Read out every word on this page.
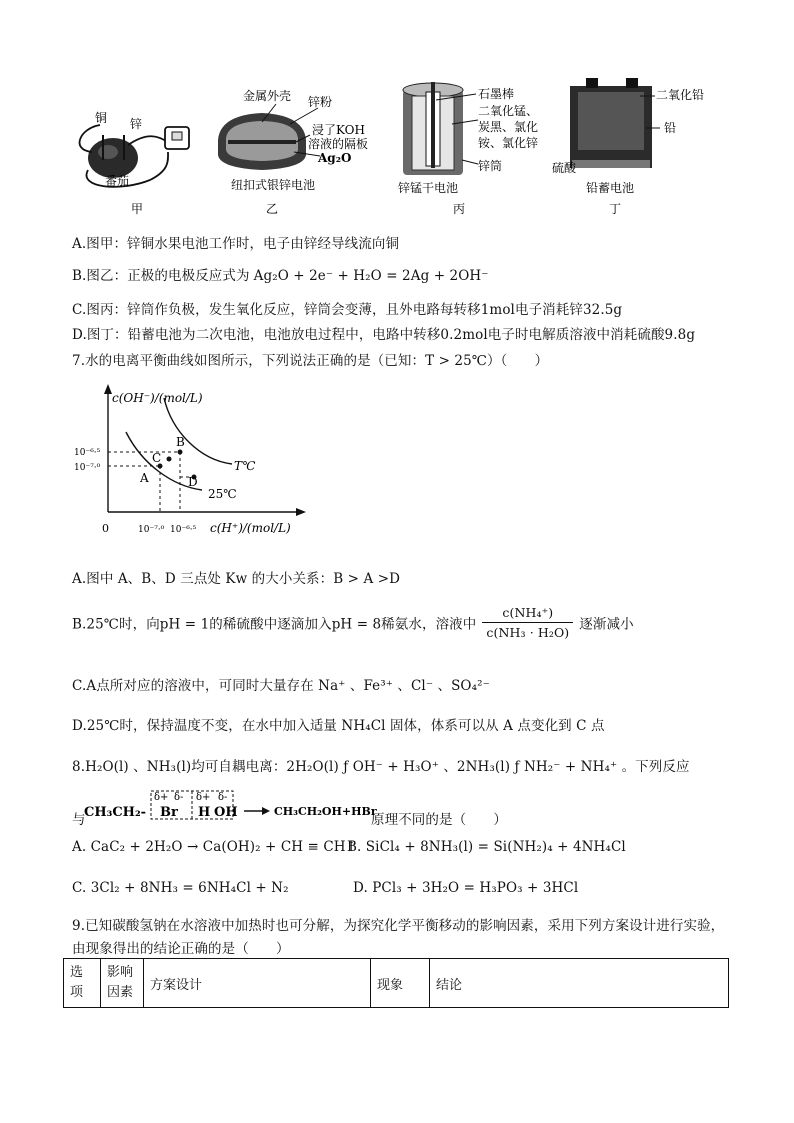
铜 锌
番茄
甲
金属外壳 锌粉
浸了KOH
溶液的隔板
Ag₂O
纽扣式银锌电池
乙
石墨棒
二氧化锰、
炭黑、氯化
铵、氯化锌
锌筒
锌锰干电池
丙
二氧化铅
铅
硫酸
铅蓄电池
丁
A.图甲：锌铜水果电池工作时，电子由锌经导线流向铜
B.图乙：正极的电极反应式为 Ag₂O + 2e⁻ + H₂O = 2Ag + 2OH⁻
C.图丙：锌筒作负极，发生氧化反应，锌筒会变薄，且外电路每转移1mol电子消耗锌32.5g
D.图丁：铅蓄电池为二次电池，电池放电过程中，电路中转移0.2mol电子时电解质溶液中消耗硫酸9.8g
7.水的电离平衡曲线如图所示，下列说法正确的是（已知：T > 25℃）（　　）
c(OH⁻)/(mol/L)
10⁻⁶·⁵
10⁻⁷·⁰
0	10⁻⁷·⁰ 10⁻⁶·⁵ c(H⁺)/(mol/L)
T℃
25℃
A
B
C
D
A.图中 A、B、D 三点处 Kw 的大小关系：B > A >D
B.25℃时，向pH = 1的稀硫酸中逐滴加入pH = 8稀氨水，溶液中 $\frac{\text{c(NH₄⁺)}}{\text{c(NH₃ · H₂O)}}$ 逐渐减小
C.A点所对应的溶液中，可同时大量存在 Na⁺ 、Fe³⁺ 、Cl⁻ 、SO₄²⁻
D.25℃时，保持温度不变，在水中加入适量 NH₄Cl 固体，体系可以从 A 点变化到 C 点
8.H₂O(l) 、NH₃(l)均可自耦电离：2H₂O(l) ƒ OH⁻ + H₃O⁺ 、2NH₃(l) ƒ NH₂⁻ + NH₄⁺ 。下列反应
与
CH₃CH₂-
δ+ δ- δ+ δ-
Br H OH	CH₃CH₂OH+HBr
原理不同的是（　　）
A. CaC₂ + 2H₂O → Ca(OH)₂ + CH ≡ CH↑
B. SiCl₄ + 8NH₃(l) = Si(NH₂)₄ + 4NH₄Cl
C. 3Cl₂ + 8NH₃ = 6NH₄Cl + N₂	D. PCl₃ + 3H₂O = H₃PO₃ + 3HCl
9.已知碳酸氢钠在水溶液中加热时也可分解，为探究化学平衡移动的影响因素，采用下列方案设计进行实验，
由现象得出的结论正确的是（　　）
选项	影响因素	方案设计	现象	结论
